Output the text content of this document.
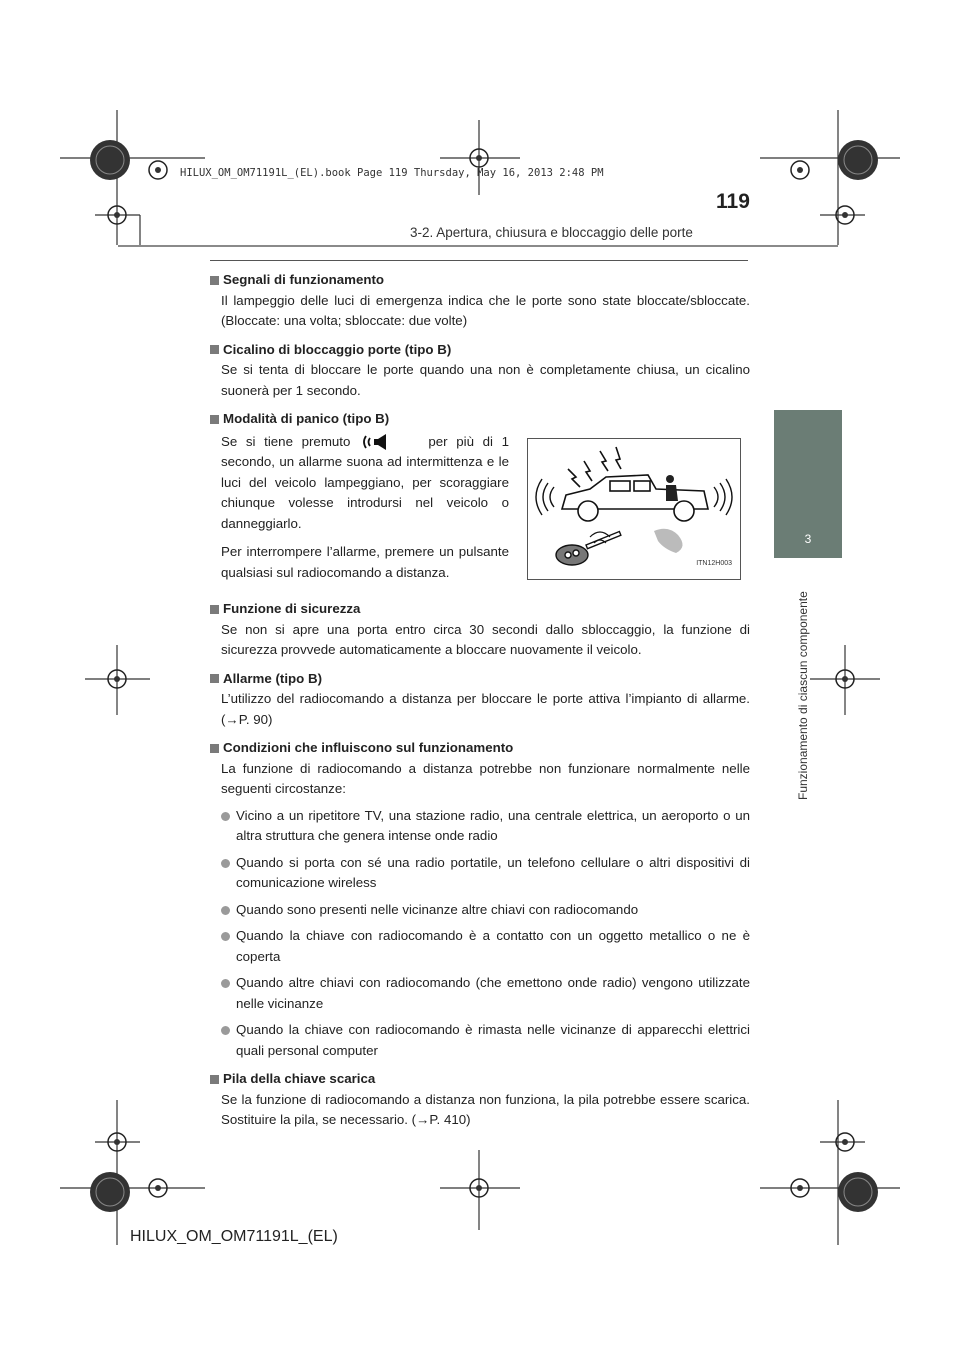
HILUX_OM_OM71191L_(EL).book Page 119 Thursday, May 16, 2013 2:48 PM
119
3-2. Apertura, chiusura e bloccaggio delle porte
3
Funzionamento di ciascun componente
Segnali di funzionamento
Il lampeggio delle luci di emergenza indica che le porte sono state bloccate/sbloccate. (Bloccate: una volta; sbloccate: due volte)
Cicalino di bloccaggio porte (tipo B)
Se si tenta di bloccare le porte quando una non è completamente chiusa, un cicalino suonerà per 1 secondo.
Modalità di panico (tipo B)

Se si tiene premuto	per più di 1 secondo, un allarme suona ad intermittenza e le luci del veicolo lampeggiano, per scoraggiare chiunque volesse introdursi nel veicolo o danneggiarlo.

Per interrompere l’allarme, premere un pulsante qualsiasi sul radiocomando a distanza.

ITN12H003
Funzione di sicurezza
Se non si apre una porta entro circa 30 secondi dallo sbloccaggio, la funzione di sicurezza provvede automaticamente a bloccare nuovamente il veicolo.
Allarme (tipo B)
L’utilizzo del radiocomando a distanza per bloccare le porte attiva l’impianto di allarme. (→P. 90)
Condizioni che influiscono sul funzionamento
La funzione di radiocomando a distanza potrebbe non funzionare normalmente nelle seguenti circostanze:
Vicino a un ripetitore TV, una stazione radio, una centrale elettrica, un aeroporto o un altra struttura che genera intense onde radio
Quando si porta con sé una radio portatile, un telefono cellulare o altri dispositivi di comunicazione wireless
Quando sono presenti nelle vicinanze altre chiavi con radiocomando
Quando la chiave con radiocomando è a contatto con un oggetto metallico o ne è coperta
Quando altre chiavi con radiocomando (che emettono onde radio) vengono utilizzate nelle vicinanze
Quando la chiave con radiocomando è rimasta nelle vicinanze di apparecchi elettrici quali personal computer
Pila della chiave scarica
Se la funzione di radiocomando a distanza non funziona, la pila potrebbe essere scarica. Sostituire la pila, se necessario. (→P. 410)
HILUX_OM_OM71191L_(EL)
